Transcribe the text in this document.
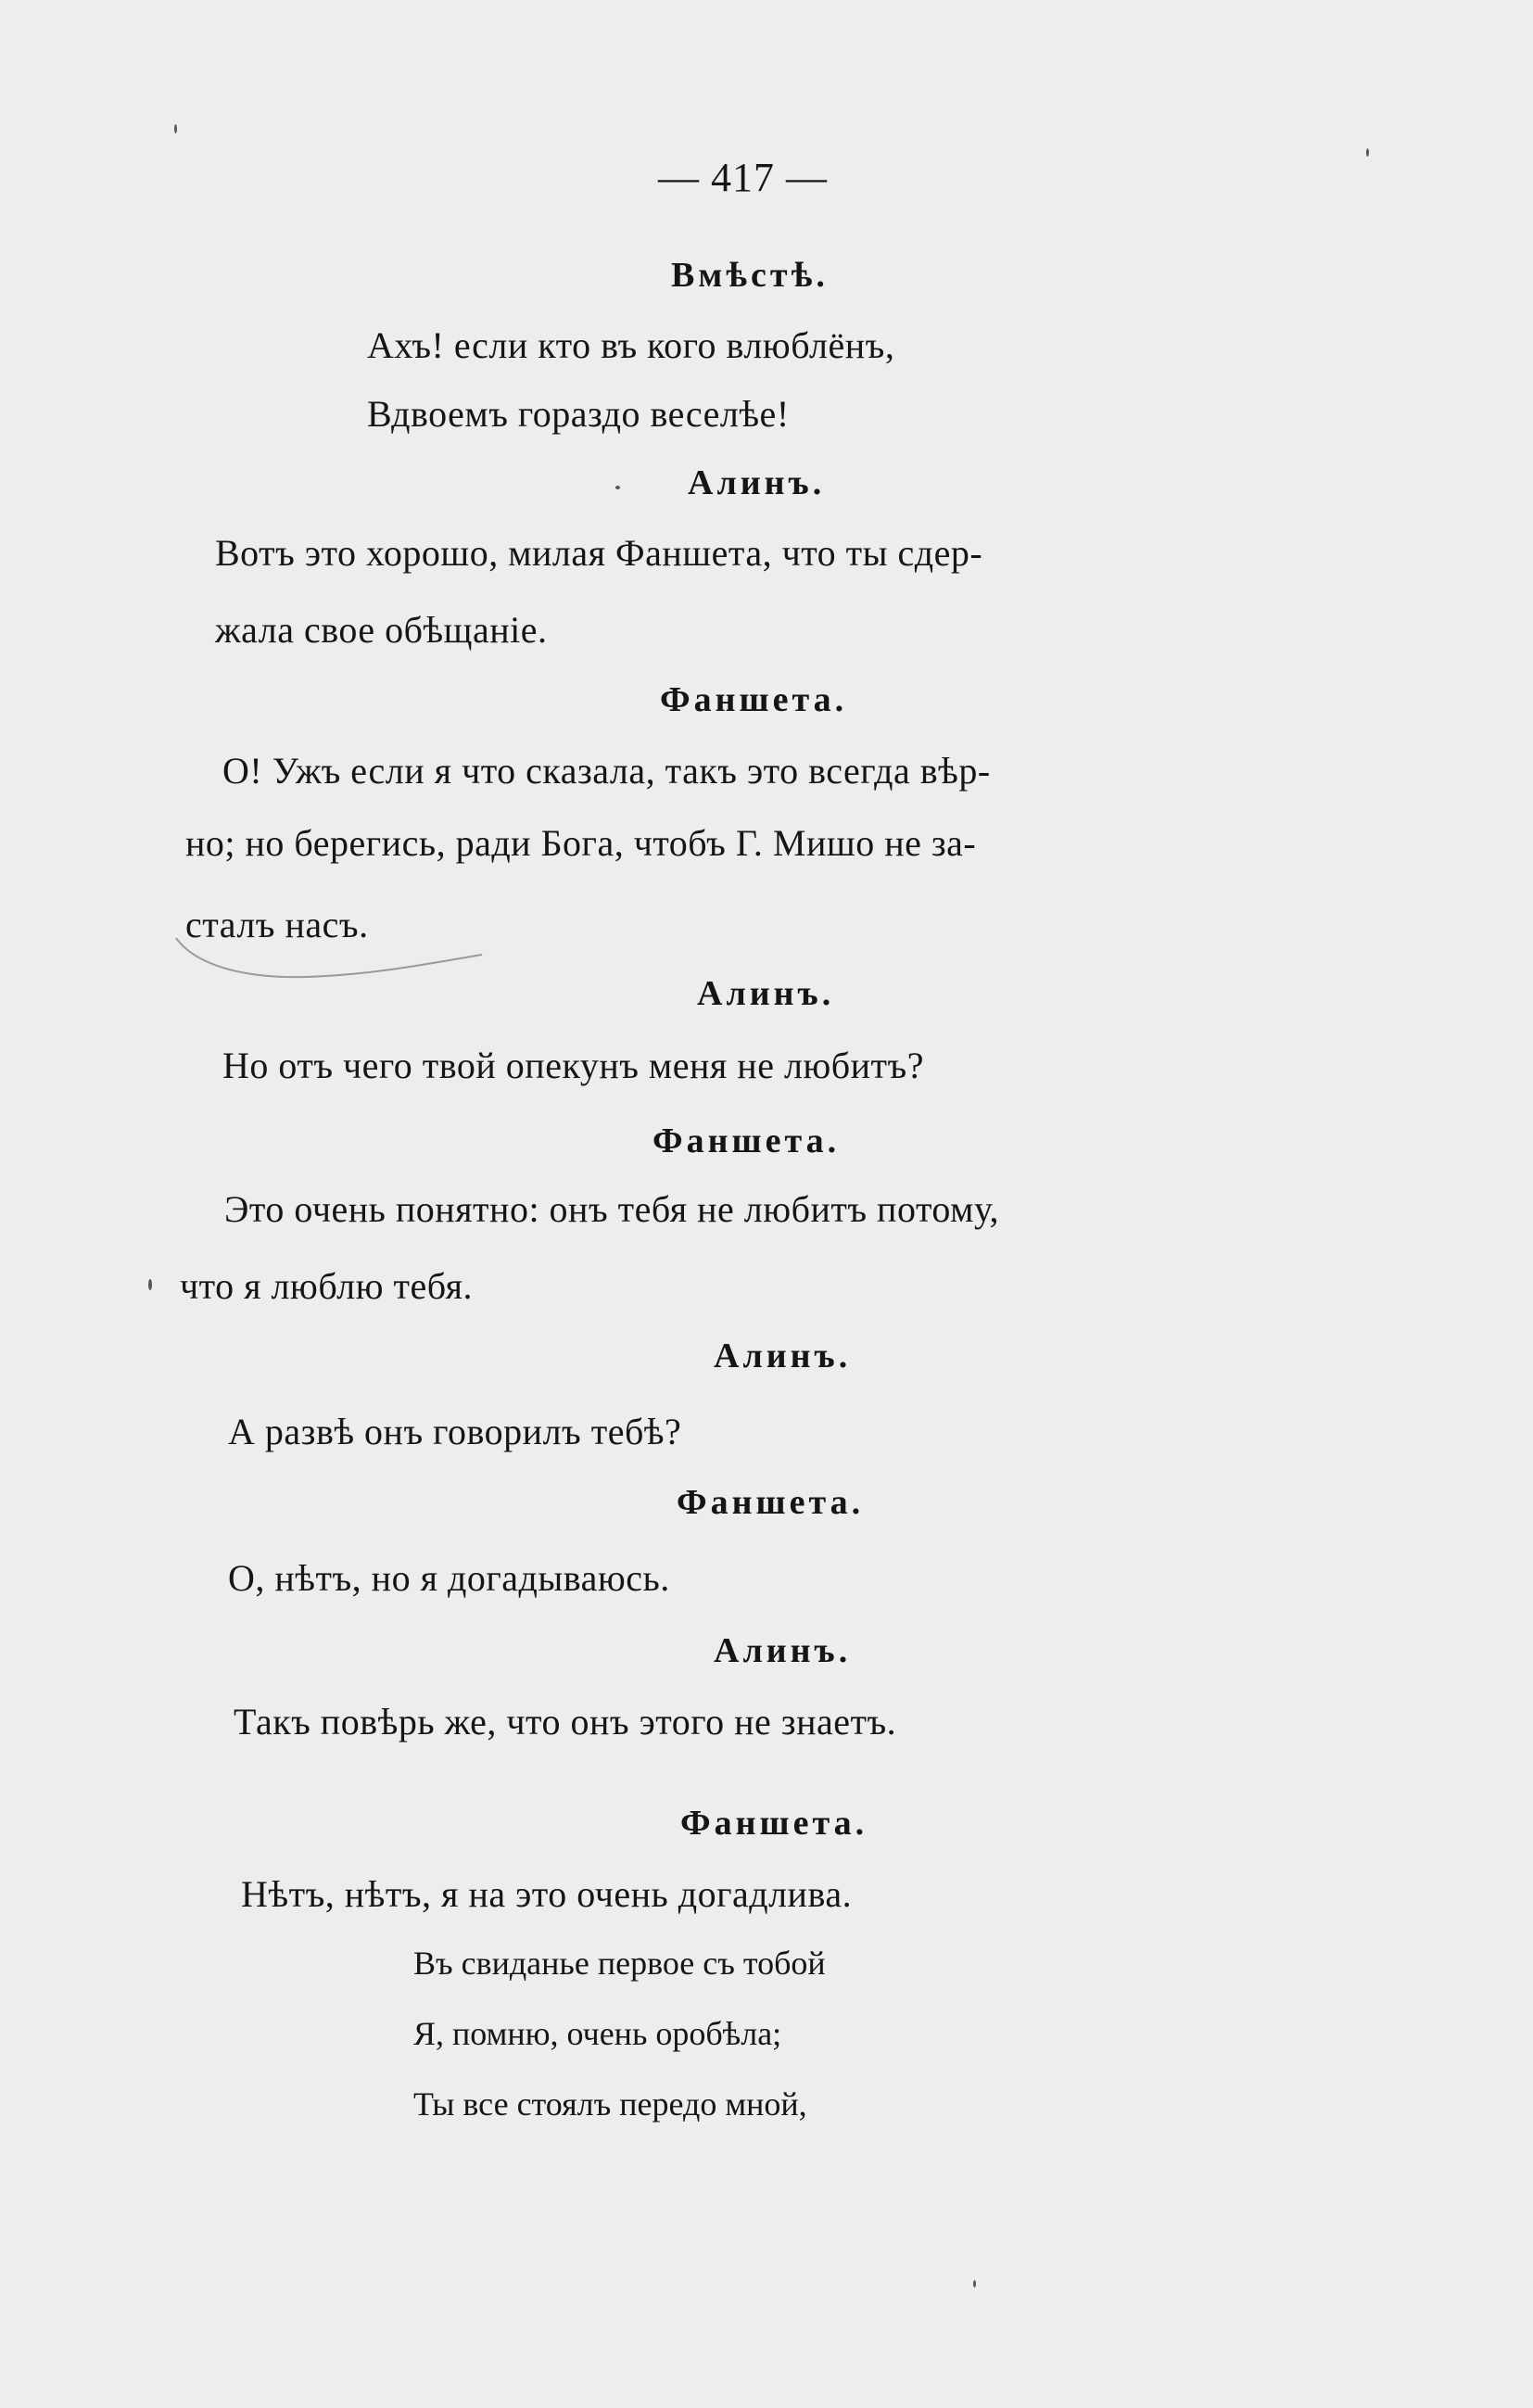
— 417 —
Вмѣстѣ.
Ахъ! если кто въ кого влюблёнъ,
Вдвоемъ гораздо веселѣе!
Алинъ.
Вотъ это хорошо, милая Фаншета, что ты сдер-
жала свое обѣщаніе.
Фаншета.
О! Ужъ если я что сказала, такъ это всегда вѣр-
но; но берегись, ради Бога, чтобъ Г. Мишо не за-
сталъ насъ.
Алинъ.
Но отъ чего твой опекунъ меня не любитъ?
Фаншета.
Это очень понятно: онъ тебя не любитъ потому,
что я люблю тебя.
Алинъ.
А развѣ онъ говорилъ тебѣ?
Фаншета.
О, нѣтъ, но я догадываюсь.
Алинъ.
Такъ повѣрь же, что онъ этого не знаетъ.
Фаншета.
Нѣтъ, нѣтъ, я на это очень догадлива.
Въ свиданье первое съ тобой
Я, помню, очень оробѣла;
Ты все стоялъ передо мной,
